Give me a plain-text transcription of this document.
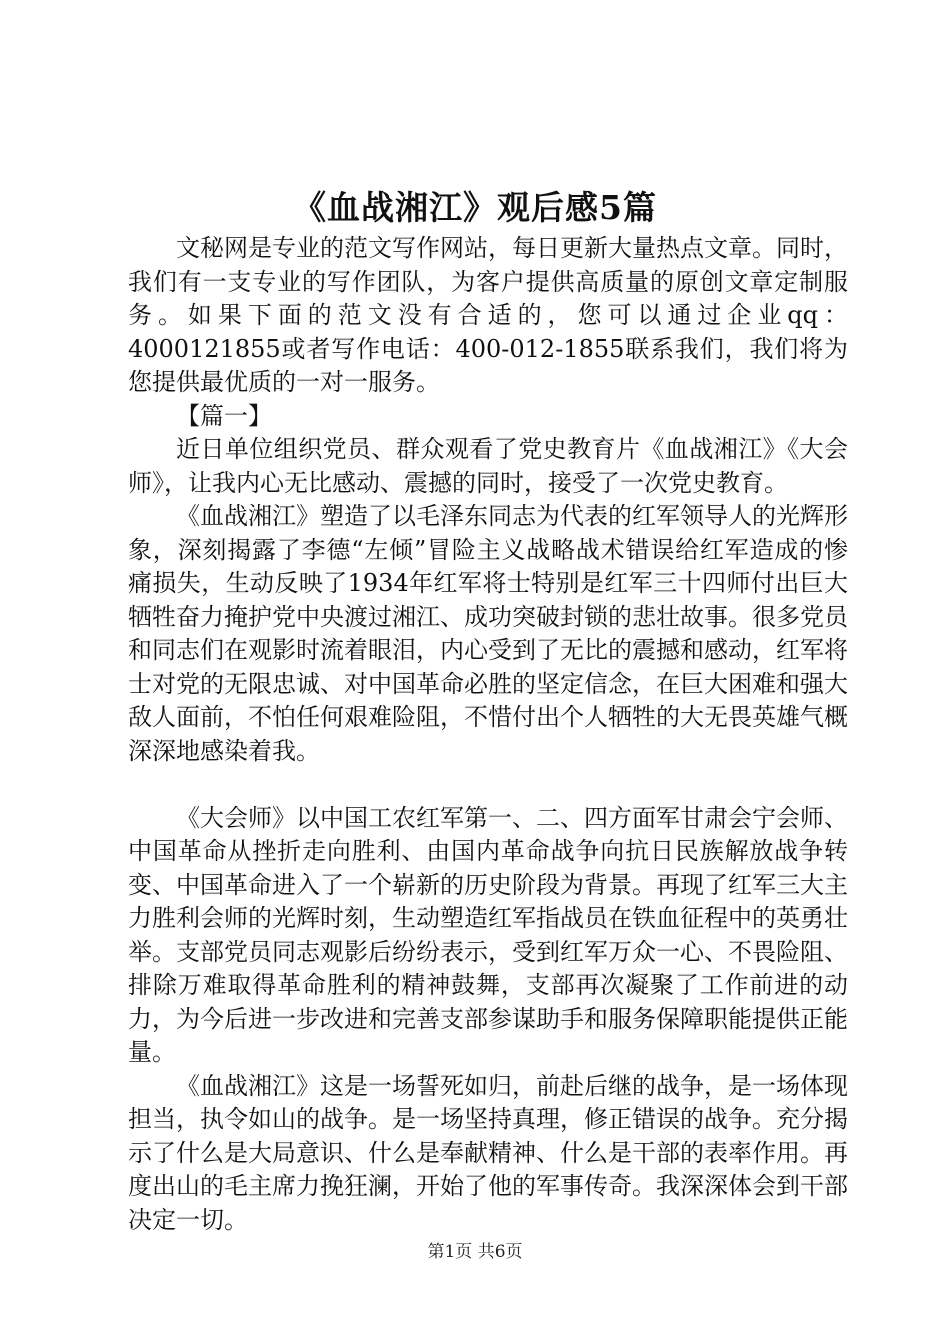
《血战湘江》观后感5篇

文秘网是专业的范文写作网站，每日更新大量热点文章。同时，我们有一支专业的写作团队，为客户提供高质量的原创文章定制服务。如果下面的范文没有合适的，您可以通过企业qq：4000121855或者写作电话：400-012-1855联系我们，我们将为您提供最优质的一对一服务。

【篇一】

近日单位组织党员、群众观看了党史教育片《血战湘江》《大会师》，让我内心无比感动、震撼的同时，接受了一次党史教育。

《血战湘江》塑造了以毛泽东同志为代表的红军领导人的光辉形象，深刻揭露了李德“左倾”冒险主义战略战术错误给红军造成的惨痛损失，生动反映了1934年红军将士特别是红军三十四师付出巨大牺牲奋力掩护党中央渡过湘江、成功突破封锁的悲壮故事。很多党员和同志们在观影时流着眼泪，内心受到了无比的震撼和感动，红军将士对党的无限忠诚、对中国革命必胜的坚定信念，在巨大困难和强大敌人面前，不怕任何艰难险阻，不惜付出个人牺牲的大无畏英雄气概深深地感染着我。

《大会师》以中国工农红军第一、二、四方面军甘肃会宁会师、中国革命从挫折走向胜利、由国内革命战争向抗日民族解放战争转变、中国革命进入了一个崭新的历史阶段为背景。再现了红军三大主力胜利会师的光辉时刻，生动塑造红军指战员在铁血征程中的英勇壮举。支部党员同志观影后纷纷表示，受到红军万众一心、不畏险阻、排除万难取得革命胜利的精神鼓舞，支部再次凝聚了工作前进的动力，为今后进一步改进和完善支部参谋助手和服务保障职能提供正能量。

《血战湘江》这是一场誓死如归，前赴后继的战争，是一场体现担当，执令如山的战争。是一场坚持真理，修正错误的战争。充分揭示了什么是大局意识、什么是奉献精神、什么是干部的表率作用。再度出山的毛主席力挽狂澜，开始了他的军事传奇。我深深体会到干部决定一切。

第1页 共6页
